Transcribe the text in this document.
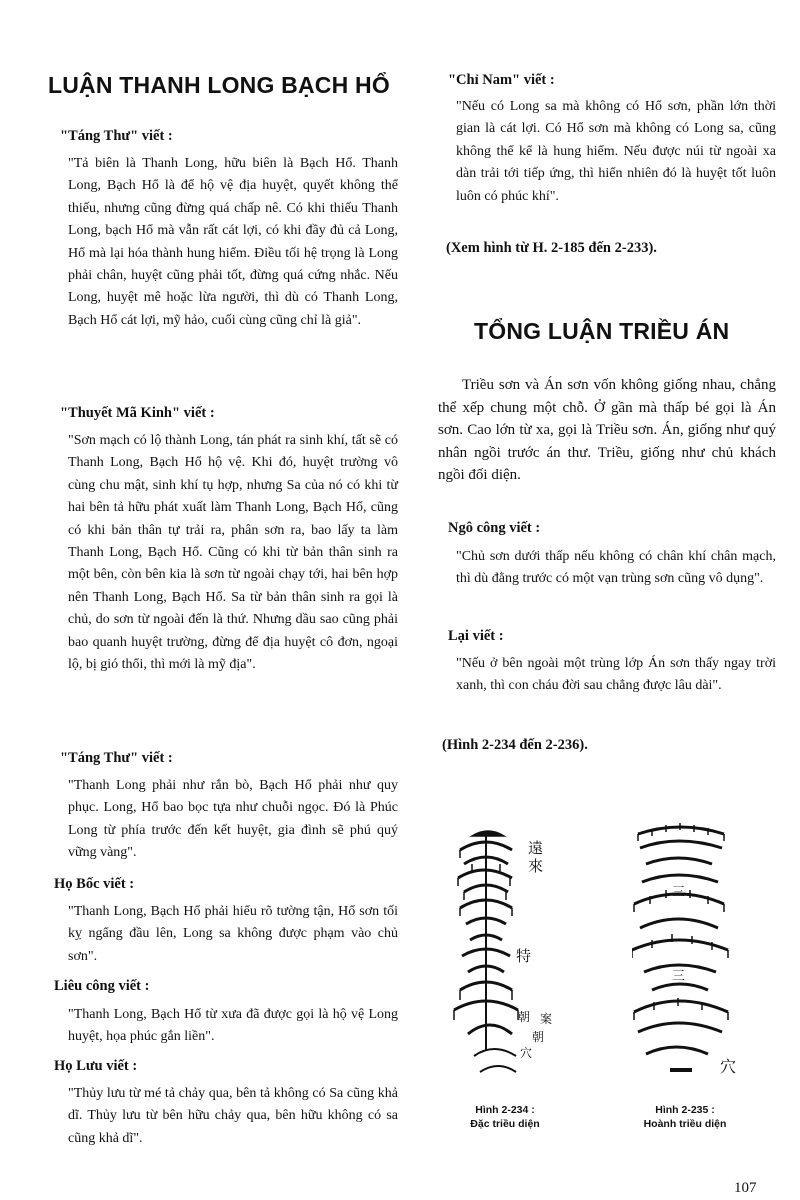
LUẬN THANH LONG BẠCH HỔ

"Táng Thư" viết :

"Tả biên là Thanh Long, hữu biên là Bạch Hổ. Thanh Long, Bạch Hổ là để hộ vệ địa huyệt, quyết không thể thiếu, nhưng cũng đừng quá chấp nê. Có khi thiếu Thanh Long, bạch Hổ mà vẫn rất cát lợi, có khi đầy đủ cả Long, Hổ mà lại hóa thành hung hiểm. Điều tối hệ trọng là Long phải chân, huyệt cũng phải tốt, đừng quá cứng nhắc. Nếu Long, huyệt mê hoặc lừa người, thì dù có Thanh Long, Bạch Hổ cát lợi, mỹ hảo, cuối cùng cũng chỉ là giả".

"Thuyết Mã Kinh" viết :

"Sơn mạch có lộ thành Long, tán phát ra sinh khí, tất sẽ có Thanh Long, Bạch Hổ hộ vệ. Khi đó, huyệt trường vô cùng chu mật, sinh khí tụ hợp, nhưng Sa của nó có khi từ hai bên tả hữu phát xuất làm Thanh Long, Bạch Hổ, cũng có khi bản thân tự trải ra, phân sơn ra, bao lấy ta làm Thanh Long, Bạch Hổ. Cũng có khi từ bản thân sinh ra một bên, còn bên kia là sơn từ ngoài chạy tới, hai bên hợp nên Thanh Long, Bạch Hổ. Sa từ bản thân sinh ra gọi là chủ, do sơn từ ngoài đến là thứ. Nhưng dầu sao cũng phải bao quanh huyệt trường, đừng để địa huyệt cô đơn, ngoại lộ, bị gió thổi, thì mới là mỹ địa".

"Táng Thư" viết :

"Thanh Long phải như rắn bò, Bạch Hổ phải như quy phục. Long, Hổ bao bọc tựa như chuỗi ngọc. Đó là Phúc Long từ phía trước đến kết huyệt, gia đình sẽ phú quý vững vàng".

Họ Bốc viết :

"Thanh Long, Bạch Hổ phải hiểu rõ tường tận, Hổ sơn tối kỵ ngẩng đầu lên, Long sa không được phạm vào chủ sơn".

Liêu công viết :

"Thanh Long, Bạch Hổ từ xưa đã được gọi là hộ vệ Long huyệt, họa phúc gắn liền".

Họ Lưu viết :

"Thủy lưu từ mé tả chảy qua, bên tả không có Sa cũng khả dĩ. Thủy lưu từ bên hữu chảy qua, bên hữu không có sa cũng khả dĩ".

"Chỉ Nam" viết :

"Nếu có Long sa mà không có Hổ sơn, phần lớn thời gian là cát lợi. Có Hổ sơn mà không có Long sa, cũng không thể kể là hung hiểm. Nếu được núi từ ngoài xa dàn trải tới tiếp ứng, thì hiển nhiên đó là huyệt tốt luôn luôn có phúc khí".

(Xem hình từ H. 2-185 đến 2-233).

TỔNG LUẬN TRIỀU ÁN

Triều sơn và Án sơn vốn không giống nhau, chẳng thể xếp chung một chỗ. Ở gần mà thấp bé gọi là Án sơn. Cao lớn từ xa, gọi là Triều sơn. Án, giống như quý nhân ngồi trước án thư. Triều, giống như chủ khách ngồi đối diện.

Ngô công viết :

"Chủ sơn dưới thấp nếu không có chân khí chân mạch, thì dù đằng trước có một vạn trùng sơn cũng vô dụng".

Lại viết :

"Nếu ở bên ngoài một trùng lớp Án sơn thấy ngay trời xanh, thì con cháu đời sau chẳng được lâu dài".

(Hình 2-234 đến 2-236).

遠
來
特
朝
朝
案
穴
三
三
穴
Hình 2-234 :
Đặc triều diện
Hình 2-235 :
Hoành triều diện
107
